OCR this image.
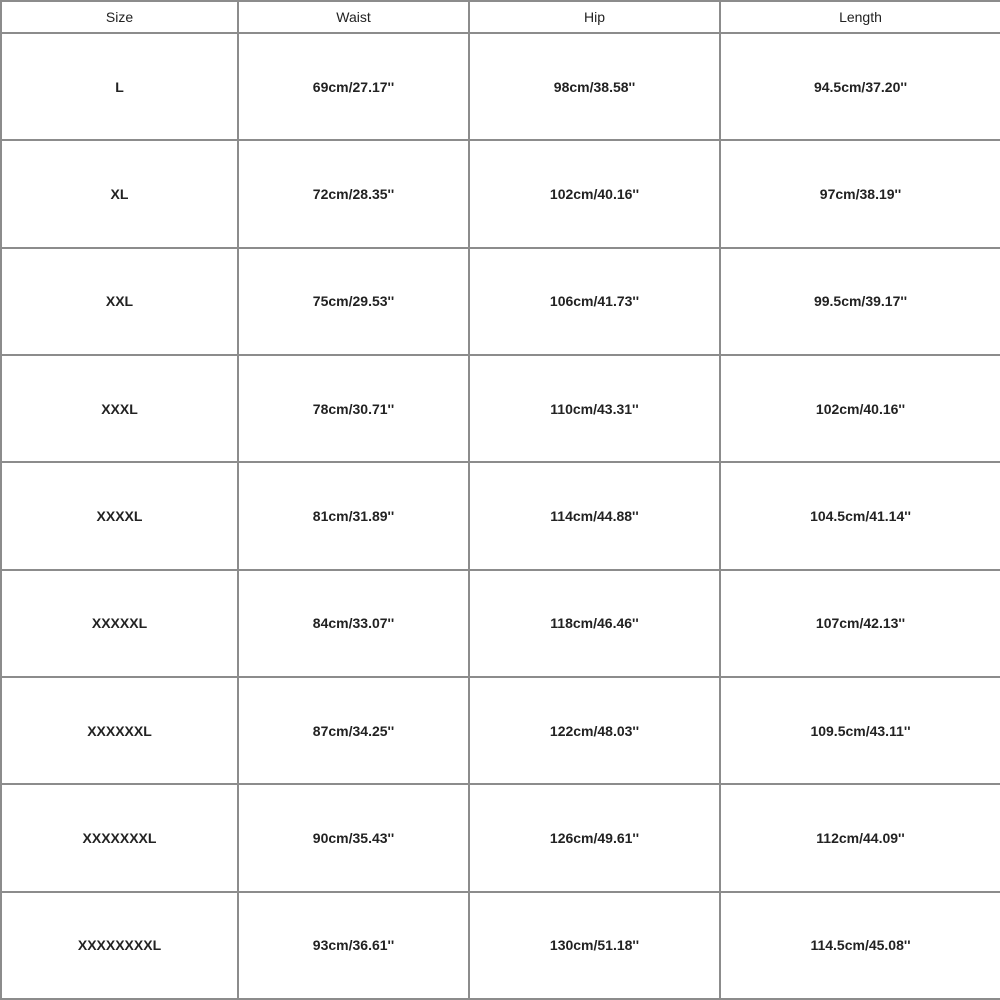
Size	Waist	Hip	Length
L	69cm/27.17''	98cm/38.58''	94.5cm/37.20''
XL	72cm/28.35''	102cm/40.16''	97cm/38.19''
XXL	75cm/29.53''	106cm/41.73''	99.5cm/39.17''
XXXL	78cm/30.71''	110cm/43.31''	102cm/40.16''
XXXXL	81cm/31.89''	114cm/44.88''	104.5cm/41.14''
XXXXXL	84cm/33.07''	118cm/46.46''	107cm/42.13''
XXXXXXL	87cm/34.25''	122cm/48.03''	109.5cm/43.11''
XXXXXXXL	90cm/35.43''	126cm/49.61''	112cm/44.09''
XXXXXXXXL	93cm/36.61''	130cm/51.18''	114.5cm/45.08''
